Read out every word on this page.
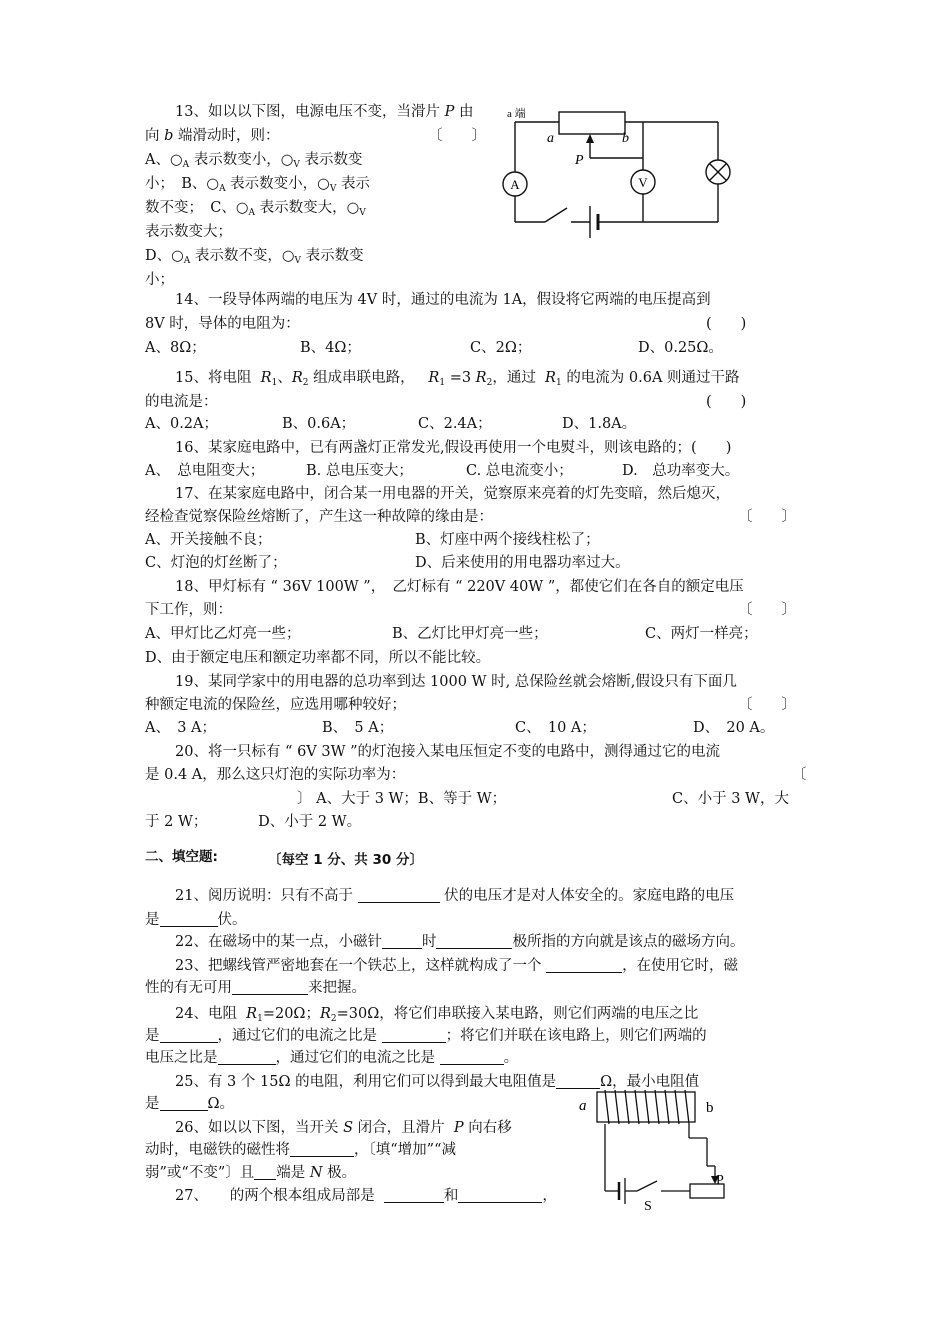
13、如以以下图，电源电压不变，当滑片 P 由
向 b 端滑动时，则：	〔　　〕
A、$○_A$ 表示数变小，$○_V$ 表示数变
小；　B、$○_A$ 表示数变小，$○_V$ 表示
数不变；　C、$○_A$ 表示数变大，$○_V$
表示数变大；
D、$○_A$ 表示数不变，$○_V$ 表示数变
小；
a	b
P
A	V
a 端
14、一段导体两端的电压为 4V 时，通过的电流为 1A，假设将它两端的电压提高到
8V 时，导体的电阻为：	(　　)
A、8Ω；	B、4Ω；	C、2Ω；	D、0.25Ω。
15、将电阻 $R_1$、$R_2$ 组成串联电路， $R_1 =3$ $R_2$，通过 $R_1$ 的电流为 0.6A 则通过干路
的电流是：	(　　)
A、0.2A；	B、0.6A；	C、2.4A；	D、1.8A。
16、某家庭电路中，已有两盏灯正常发光,假设再使用一个电熨斗，则该电路的；(　　)
A、　总电阻变大；	B. 总电压变大；	C. 总电流变小；	D.　总功率变大。
17、在某家庭电路中，闭合某一用电器的开关，觉察原来亮着的灯先变暗，然后熄灭，
经检查觉察保险丝熔断了，产生这一种故障的缘由是：	〔　　〕
A、开关接触不良；	B、灯座中两个接线柱松了；
C、灯泡的灯丝断了；	D、后来使用的用电器功率过大。
18、甲灯标有 “ 36V 100W ”，　乙灯标有 “ 220V 40W ”，都使它们在各自的额定电压
下工作，则：	〔　　〕
A、甲灯比乙灯亮一些；	B、乙灯比甲灯亮一些；	C、两灯一样亮；
D、由于额定电压和额定功率都不同，所以不能比较。
19、某同学家中的用电器的总功率到达 1000 W 时, 总保险丝就会熔断,假设只有下面几
种额定电流的保险丝，应选用哪种较好；	〔　　〕
A、　3 A；	B、　5 A；	C、　10 A；	D、　20 A。
20、将一只标有 “ 6V 3W ”的灯泡接入某电压恒定不变的电路中，测得通过它的电流
是 0.4 A，那么这只灯泡的实际功率为：	〔
〕 A、大于 3 W；B、等于 W；	C、小于 3 W，大
于 2 W；　　　　D、小于 2 W。
二、填空题:	〔每空 1 分、共 30 分〕
21、阅历说明：只有不高于	伏的电压才是对人体安全的。家庭电路的电压
是	伏。
22、在磁场中的某一点，小磁针	时	极所指的方向就是该点的磁场方向。
23、把螺线管严密地套在一个铁芯上，这样就构成了一个	，在使用它时，磁
性的有无可用	来把握。
24、电阻 $R_1=20\Omega$；$R_2=30\Omega$，将它们串联接入某电路，则它们两端的电压之比
是	，通过它们的电流之比是	；将它们并联在该电路上，则它们两端的
电压之比是	，通过它们的电流之比是	。
25、有 3 个 15Ω 的电阻，利用它们可以得到最大电阻值是	Ω，最小电阻值
是	Ω。
26、如以以下图，当开关 S 闭合，且滑片 P 向右移
动时，电磁铁的磁性将	，〔填“增加”“减
弱”或“不变”〕且 端是 N 极。
27、　　的两个根本组成局部是	和	，
a	b
P
S
